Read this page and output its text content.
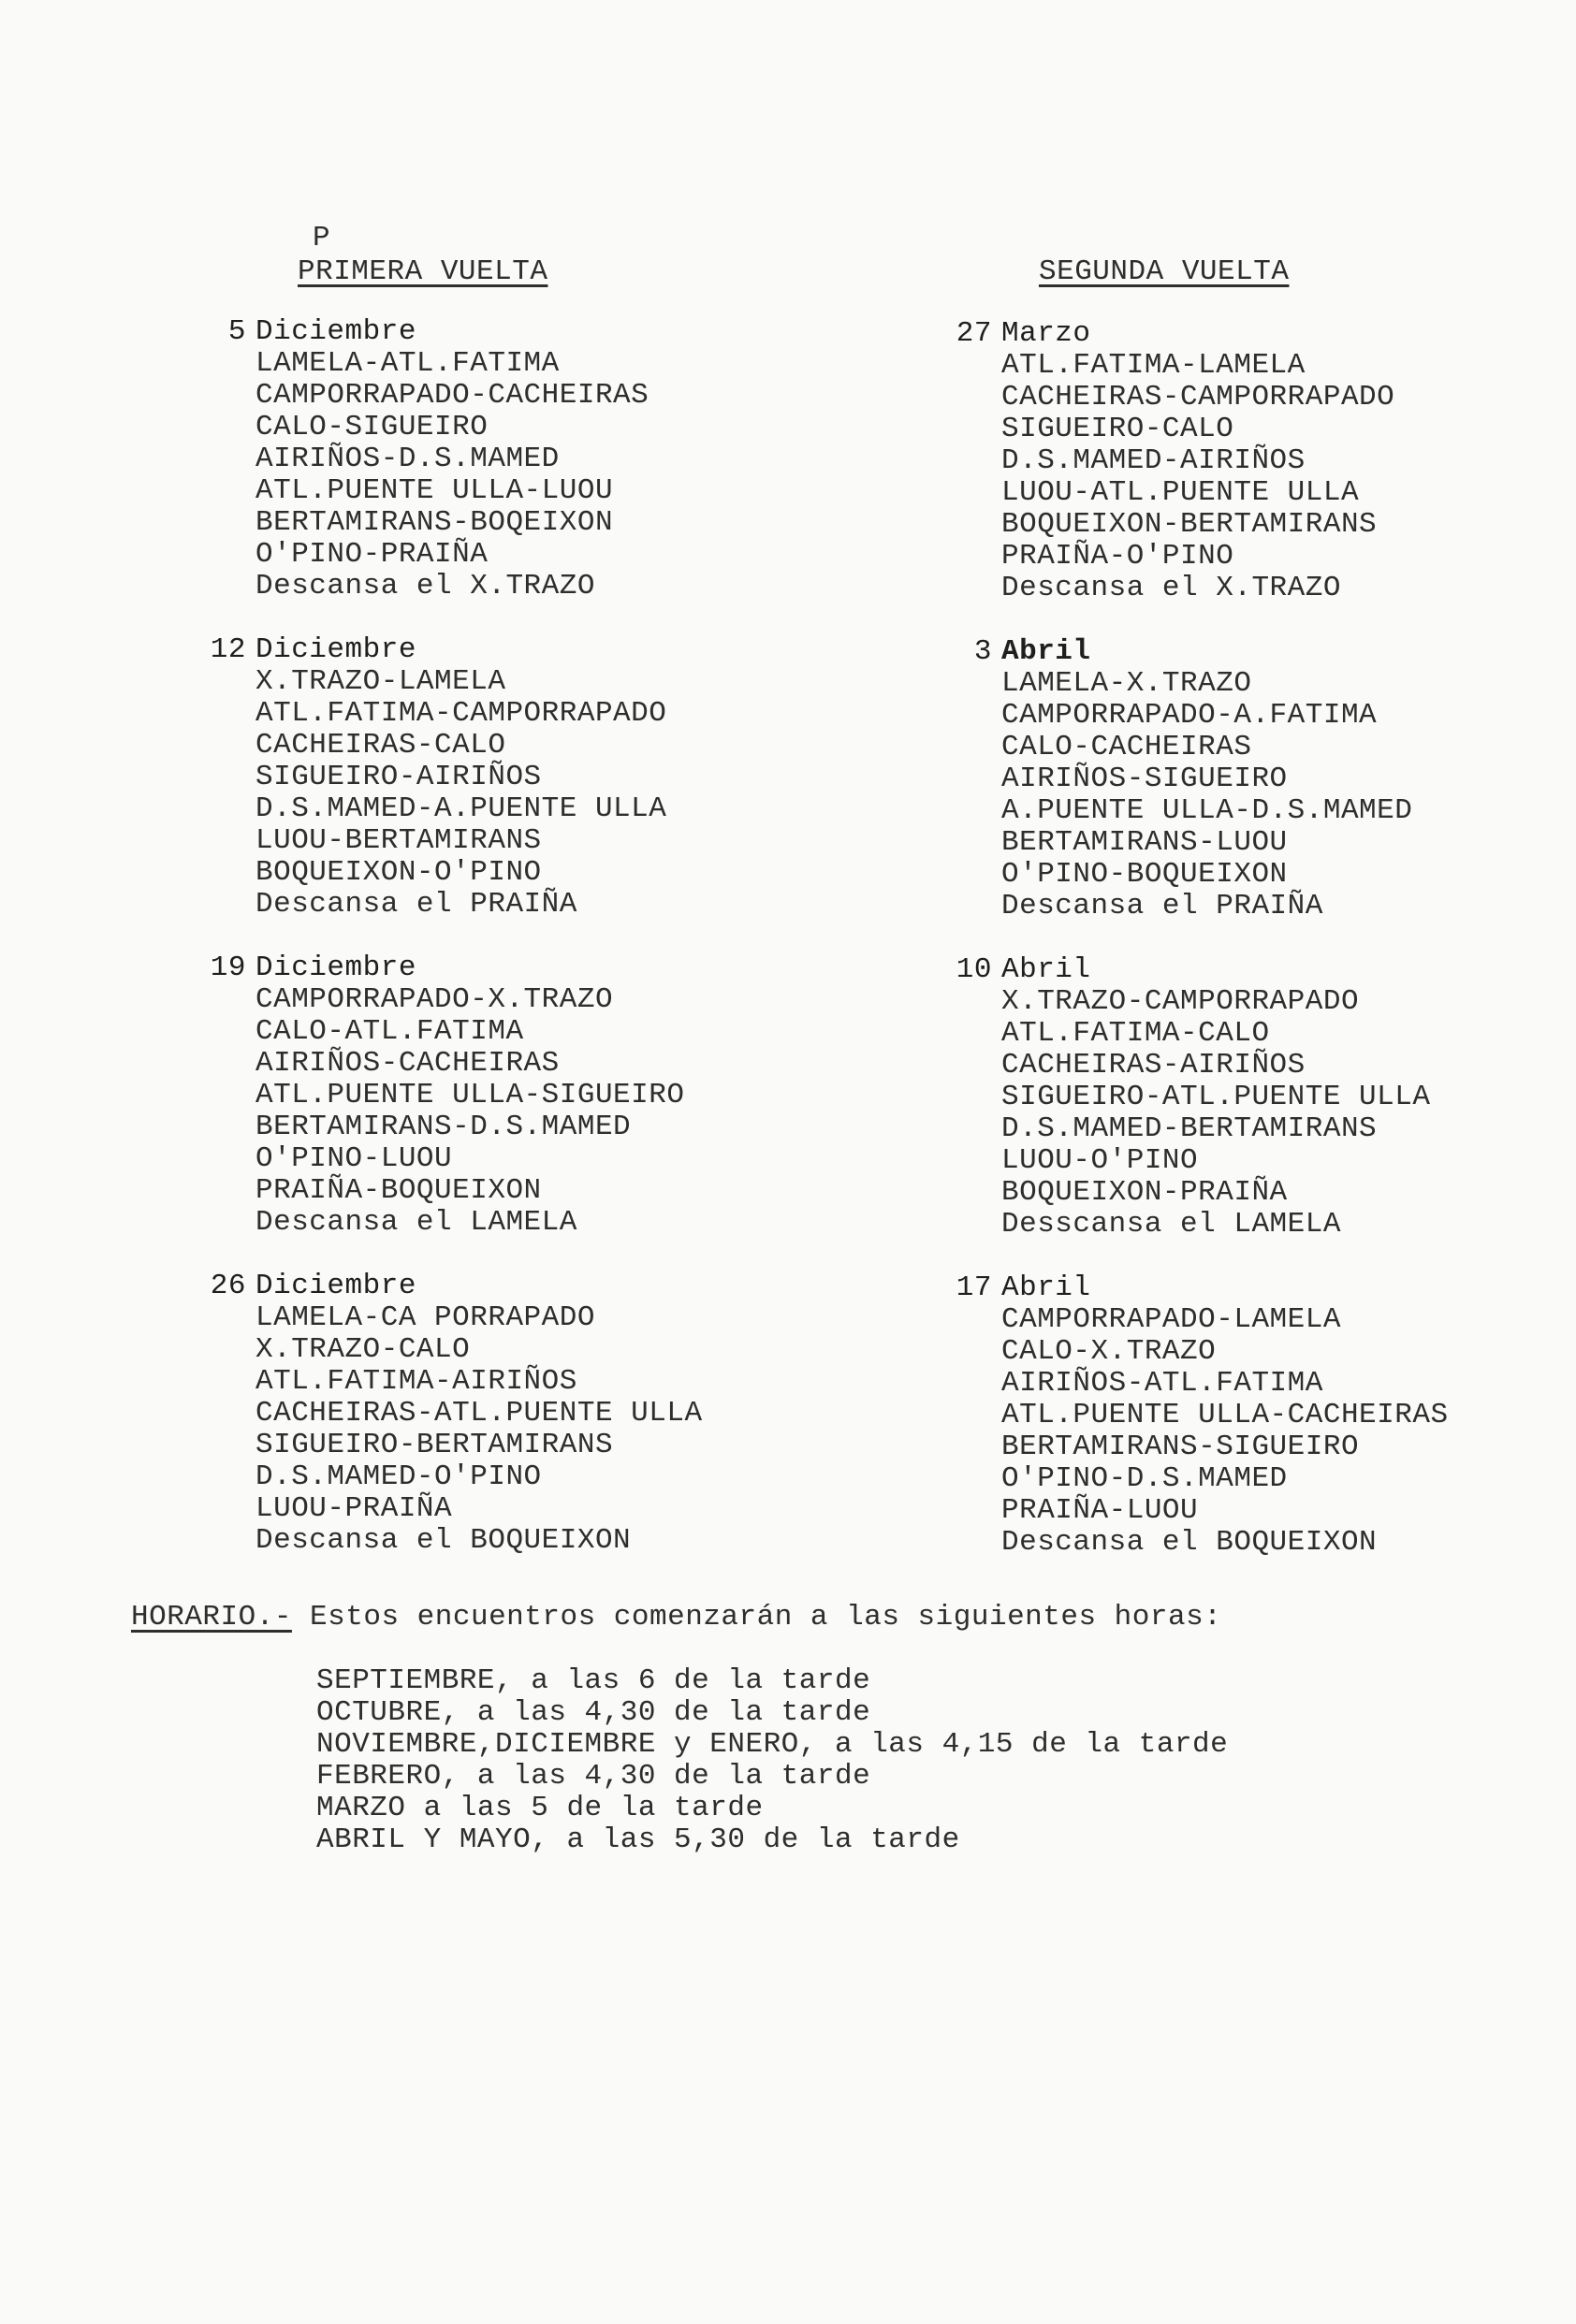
P
PRIMERA VUELTA	SEGUNDA VUELTA
5 Diciembre
LAMELA-ATL.FATIMA
CAMPORRAPADO-CACHEIRAS
CALO-SIGUEIRO
AIRIÑOS-D.S.MAMED
ATL.PUENTE ULLA-LUOU
BERTAMIRANS-BOQEIXON
O'PINO-PRAIÑA
Descansa el X.TRAZO
12 Diciembre
X.TRAZO-LAMELA
ATL.FATIMA-CAMPORRAPADO
CACHEIRAS-CALO
SIGUEIRO-AIRIÑOS
D.S.MAMED-A.PUENTE ULLA
LUOU-BERTAMIRANS
BOQUEIXON-O'PINO
Descansa el PRAIÑA
19 Diciembre
CAMPORRAPADO-X.TRAZO
CALO-ATL.FATIMA
AIRIÑOS-CACHEIRAS
ATL.PUENTE ULLA-SIGUEIRO
BERTAMIRANS-D.S.MAMED
O'PINO-LUOU
PRAIÑA-BOQUEIXON
Descansa el LAMELA
26 Diciembre
LAMELA-CA PORRAPADO
X.TRAZO-CALO
ATL.FATIMA-AIRIÑOS
CACHEIRAS-ATL.PUENTE ULLA
SIGUEIRO-BERTAMIRANS
D.S.MAMED-O'PINO
LUOU-PRAIÑA
Descansa el BOQUEIXON
27 Marzo
ATL.FATIMA-LAMELA
CACHEIRAS-CAMPORRAPADO
SIGUEIRO-CALO
D.S.MAMED-AIRIÑOS
LUOU-ATL.PUENTE ULLA
BOQUEIXON-BERTAMIRANS
PRAIÑA-O'PINO
Descansa el X.TRAZO
3 Abril
LAMELA-X.TRAZO
CAMPORRAPADO-A.FATIMA
CALO-CACHEIRAS
AIRIÑOS-SIGUEIRO
A.PUENTE ULLA-D.S.MAMED
BERTAMIRANS-LUOU
O'PINO-BOQUEIXON
Descansa el PRAIÑA
10 Abril
X.TRAZO-CAMPORRAPADO
ATL.FATIMA-CALO
CACHEIRAS-AIRIÑOS
SIGUEIRO-ATL.PUENTE ULLA
D.S.MAMED-BERTAMIRANS
LUOU-O'PINO
BOQUEIXON-PRAIÑA
Desscansa el LAMELA
17 Abril
CAMPORRAPADO-LAMELA
CALO-X.TRAZO
AIRIÑOS-ATL.FATIMA
ATL.PUENTE ULLA-CACHEIRAS
BERTAMIRANS-SIGUEIRO
O'PINO-D.S.MAMED
PRAIÑA-LUOU
Descansa el BOQUEIXON
HORARIO.- Estos encuentros comenzarán a las siguientes horas:
SEPTIEMBRE, a las 6 de la tarde
OCTUBRE, a las 4,30 de la tarde
NOVIEMBRE,DICIEMBRE y ENERO, a las 4,15 de la tarde
FEBRERO, a las 4,30 de la tarde
MARZO a las 5 de la tarde
ABRIL Y MAYO, a las 5,30 de la tarde
